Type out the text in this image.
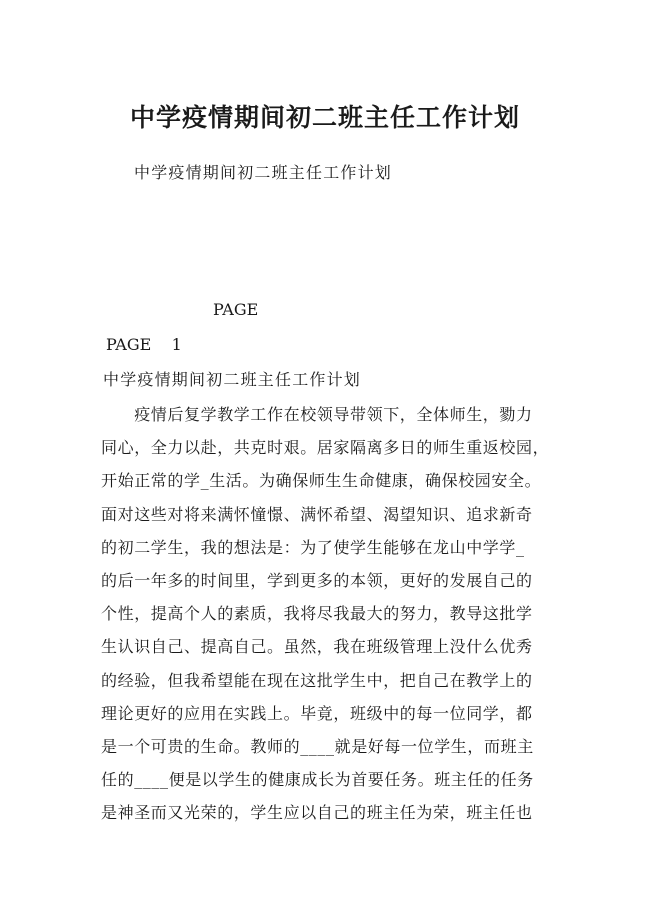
中学疫情期间初二班主任工作计划
中学疫情期间初二班主任工作计划
PAGE
PAGE    1
中学疫情期间初二班主任工作计划
　　疫情后复学教学工作在校领导带领下，全体师生，勠力
同心，全力以赴，共克时艰。居家隔离多日的师生重返校园，
开始正常的学_生活。为确保师生生命健康，确保校园安全。
面对这些对将来满怀憧憬、满怀希望、渴望知识、追求新奇
的初二学生，我的想法是：为了使学生能够在龙山中学学_
的后一年多的时间里，学到更多的本领，更好的发展自己的
个性，提高个人的素质，我将尽我最大的努力，教导这批学
生认识自己、提高自己。虽然，我在班级管理上没什么优秀
的经验，但我希望能在现在这批学生中，把自己在教学上的
理论更好的应用在实践上。毕竟，班级中的每一位同学，都
是一个可贵的生命。教师的____就是好每一位学生，而班主
任的____便是以学生的健康成长为首要任务。班主任的任务
是神圣而又光荣的，学生应以自己的班主任为荣，班主任也
